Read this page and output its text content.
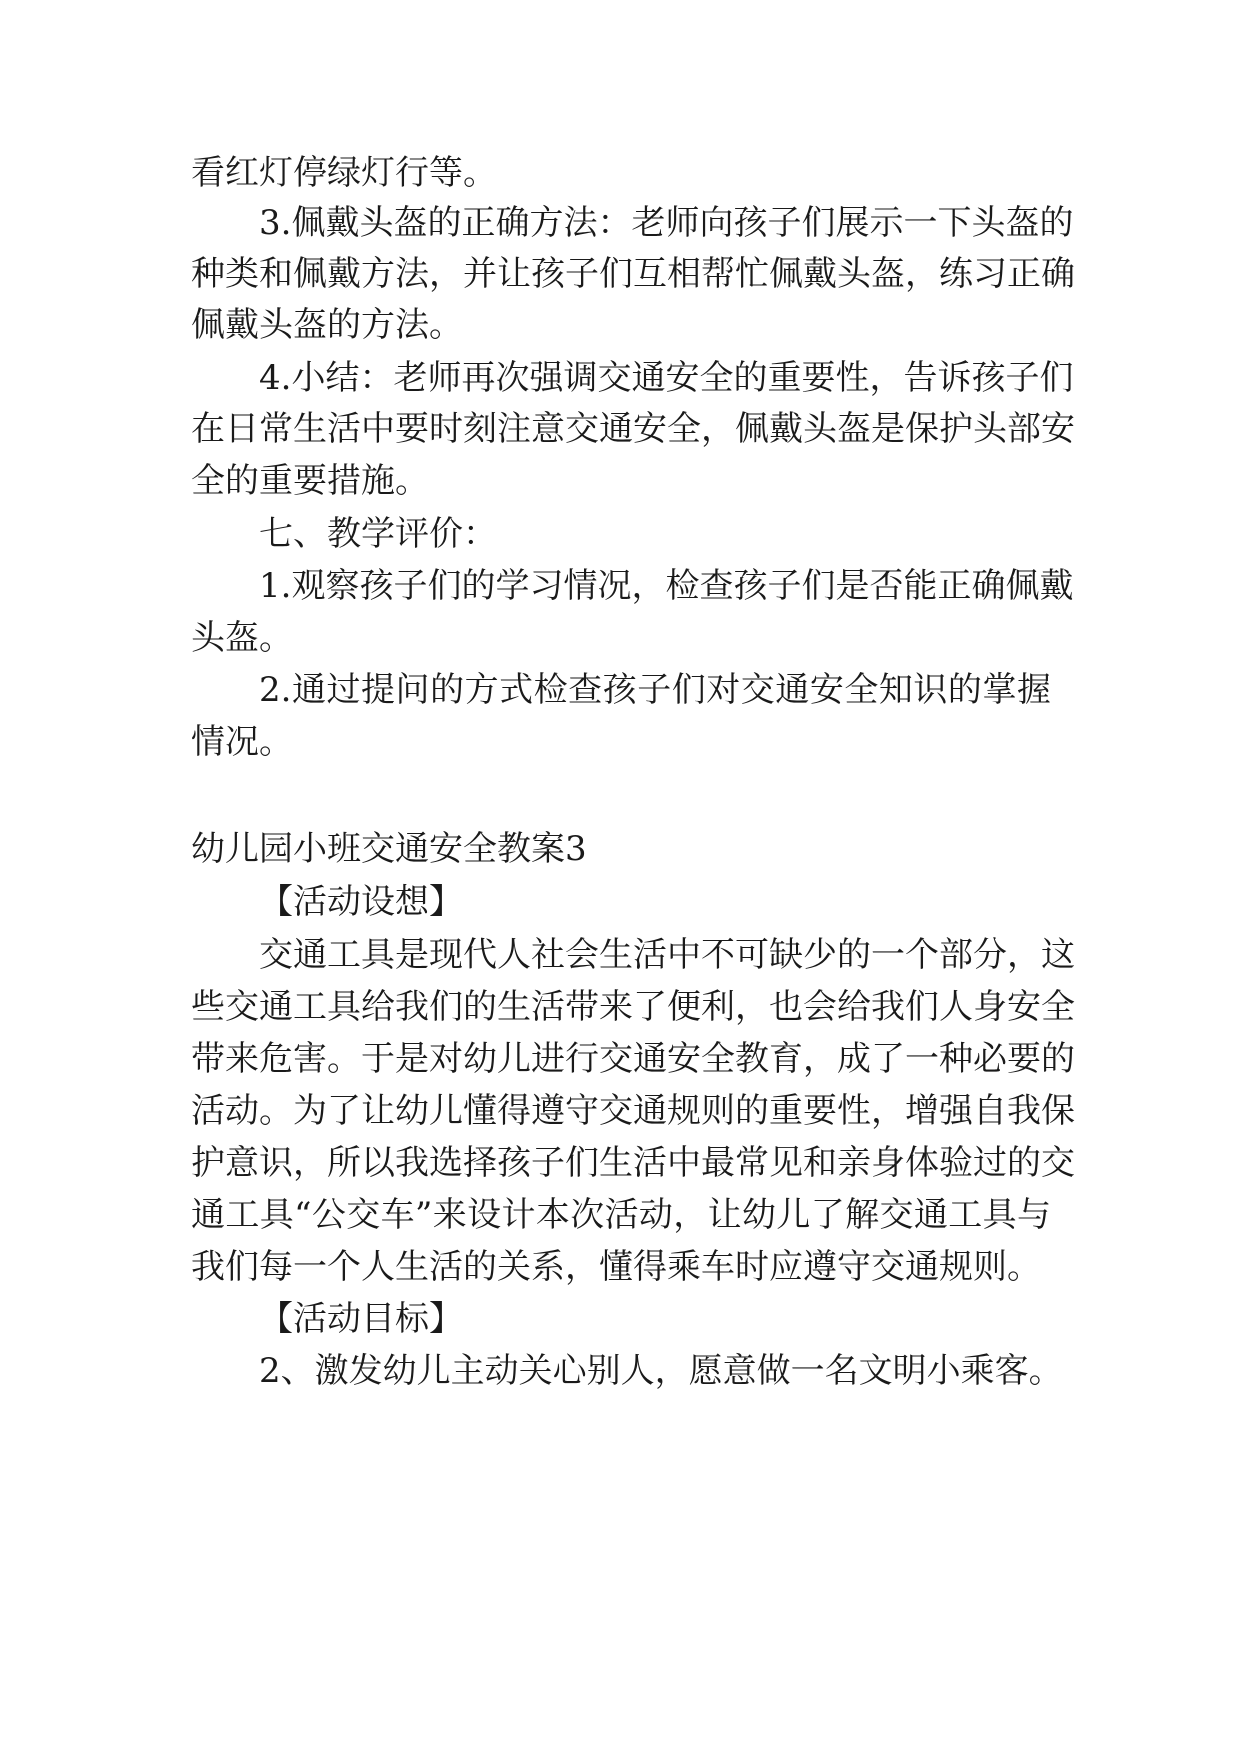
看红灯停绿灯行等。
3.佩戴头盔的正确方法：老师向孩子们展示一下头盔的
种类和佩戴方法，并让孩子们互相帮忙佩戴头盔，练习正确
佩戴头盔的方法。
4.小结：老师再次强调交通安全的重要性，告诉孩子们
在日常生活中要时刻注意交通安全，佩戴头盔是保护头部安
全的重要措施。
七、教学评价：
1.观察孩子们的学习情况，检查孩子们是否能正确佩戴
头盔。
2.通过提问的方式检查孩子们对交通安全知识的掌握
情况。
幼儿园小班交通安全教案3
【活动设想】
交通工具是现代人社会生活中不可缺少的一个部分，这
些交通工具给我们的生活带来了便利，也会给我们人身安全
带来危害。于是对幼儿进行交通安全教育，成了一种必要的
活动。为了让幼儿懂得遵守交通规则的重要性，增强自我保
护意识，所以我选择孩子们生活中最常见和亲身体验过的交
通工具“公交车”来设计本次活动，让幼儿了解交通工具与
我们每一个人生活的关系，懂得乘车时应遵守交通规则。
【活动目标】
2、激发幼儿主动关心别人，愿意做一名文明小乘客。
